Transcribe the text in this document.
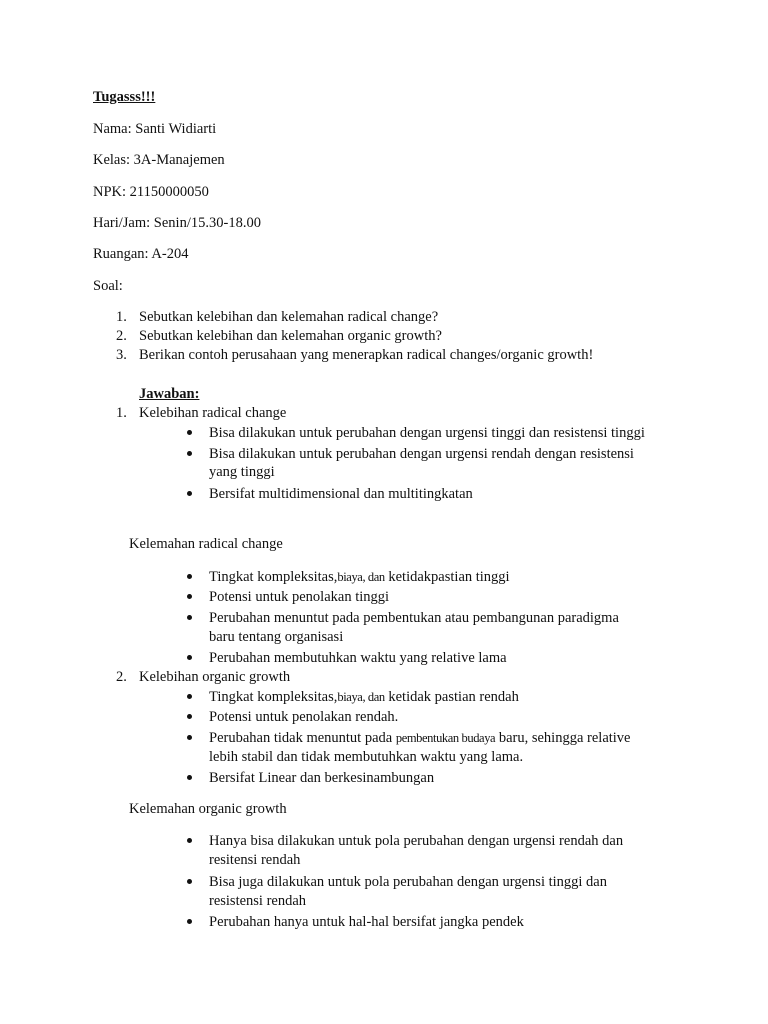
Tugasss!!!
Nama: Santi Widiarti
Kelas: 3A-Manajemen
NPK: 21150000050
Hari/Jam: Senin/15.30-18.00
Ruangan: A-204
Soal:
1. Sebutkan kelebihan dan kelemahan radical change?
2. Sebutkan kelebihan dan kelemahan organic growth?
3. Berikan contoh perusahaan yang menerapkan radical changes/organic growth!
Jawaban:
1. Kelebihan radical change
Bisa dilakukan untuk perubahan dengan urgensi tinggi dan resistensi tinggi
Bisa dilakukan untuk perubahan dengan urgensi rendah dengan resistensi
yang tinggi
Bersifat multidimensional dan multitingkatan
Kelemahan radical change
Tingkat kompleksitas,biaya, dan ketidakpastian tinggi
Potensi untuk penolakan tinggi
Perubahan menuntut pada pembentukan atau pembangunan paradigma
baru tentang organisasi
Perubahan membutuhkan waktu yang relative lama
2. Kelebihan organic growth
Tingkat kompleksitas,biaya, dan ketidak pastian rendah
Potensi untuk penolakan rendah.
Perubahan tidak menuntut pada pembentukan budaya baru, sehingga relative
lebih stabil dan tidak membutuhkan waktu yang lama.
Bersifat Linear dan berkesinambungan
Kelemahan organic growth
Hanya bisa dilakukan untuk pola perubahan dengan urgensi rendah dan
resitensi rendah
Bisa juga dilakukan untuk pola perubahan dengan urgensi tinggi dan
resistensi rendah
Perubahan hanya untuk hal-hal bersifat jangka pendek
